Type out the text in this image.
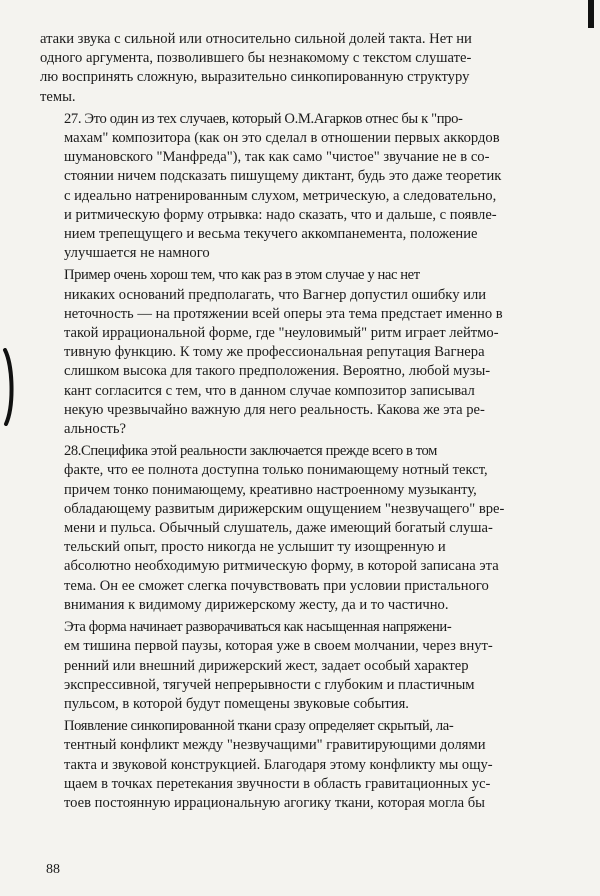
атаки звука с сильной или относительно сильной долей такта. Нет ни
одного аргумента, позволившего бы незнакомому с текстом слушате-
лю воспринять сложную, выразительно синкопированную структуру
темы.

27. Это один из тех случаев, который О.М.Агарков отнес бы к "про-
махам" композитора (как он это сделал в отношении первых аккордов
шумановского "Манфреда"), так как само "чистое" звучание не в со-
стоянии ничем подсказать пишущему диктант, будь это даже теоретик
с идеально натренированным слухом, метрическую, а следовательно,
и ритмическую форму отрывка: надо сказать, что и дальше, с появле-
нием трепещущего и весьма текучего аккомпанемента, положение
улучшается не намного

Пример очень хорош тем, что как раз в этом случае у нас нет
никаких оснований предполагать, что Вагнер допустил ошибку или
неточность — на протяжении всей оперы эта тема предстает именно в
такой иррациональной форме, где "неуловимый" ритм играет лейтмо-
тивную функцию. К тому же профессиональная репутация Вагнера
слишком высока для такого предположения. Вероятно, любой музы-
кант согласится с тем, что в данном случае композитор записывал
некую чрезвычайно важную для него реальность. Какова же эта ре-
альность?

28.Специфика этой реальности заключается прежде всего в том
факте, что ее полнота доступна только понимающему нотный текст,
причем тонко понимающему, креативно настроенному музыканту,
обладающему развитым дирижерским ощущением "незвучащего" вре-
мени и пульса. Обычный слушатель, даже имеющий богатый слуша-
тельский опыт, просто никогда не услышит ту изощренную и
абсолютно необходимую ритмическую форму, в которой записана эта
тема. Он ее сможет слегка почувствовать при условии пристального
внимания к видимому дирижерскому жесту, да и то частично.

Эта форма начинает разворачиваться как насыщенная напряжени-
ем тишина первой паузы, которая уже в своем молчании, через внут-
ренний или внешний дирижерский жест, задает особый характер
экспрессивной, тягучей непрерывности с глубоким и пластичным
пульсом, в которой будут помещены звуковые события.

Появление синкопированной ткани сразу определяет скрытый, ла-
тентный конфликт между "незвучащими" гравитирующими долями
такта и звуковой конструкцией. Благодаря этому конфликту мы ощу-
щаем в точках перетекания звучности в область гравитационных ус-
тоев постоянную иррациональную агогику ткани, которая могла бы

88
